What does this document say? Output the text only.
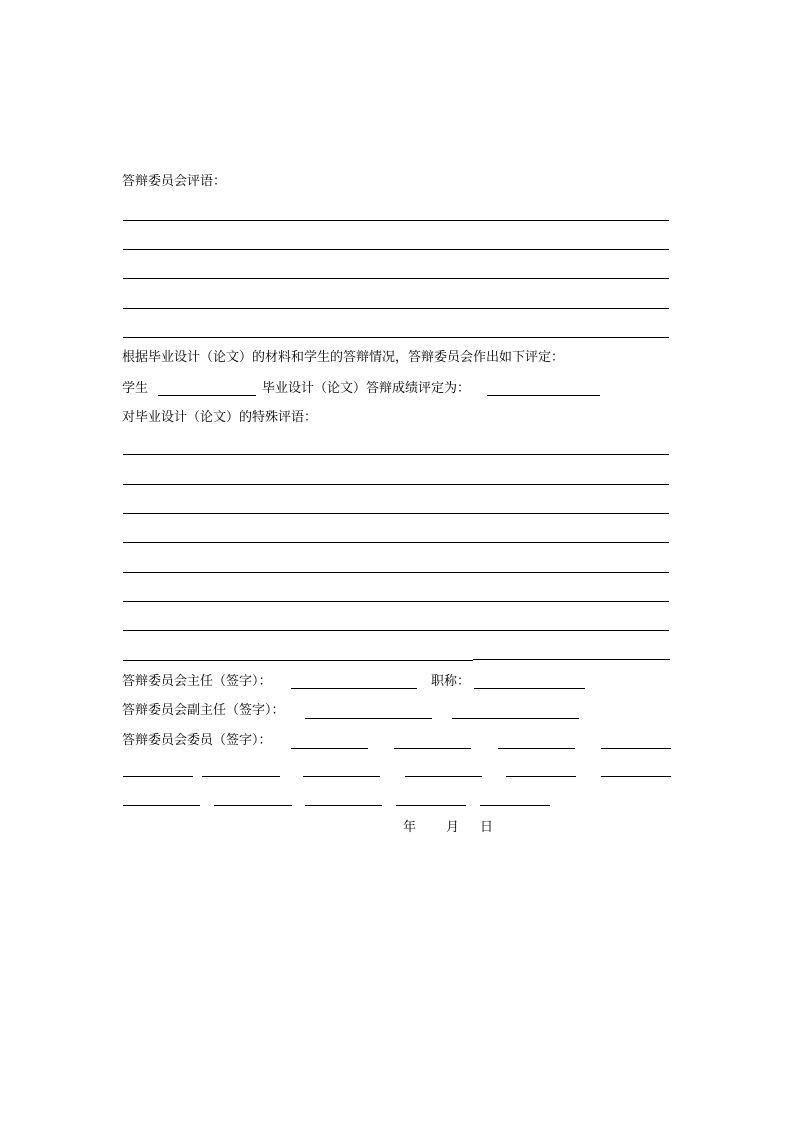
答辩委员会评语：
根据毕业设计（论文）的材料和学生的答辩情况，答辩委员会作出如下评定：
学生	毕业设计（论文）答辩成绩评定为：
对毕业设计（论文）的特殊评语：
答辩委员会主任（签字）：	职称：
答辩委员会副主任（签字）：
答辩委员会委员（签字）：
年 月 日
